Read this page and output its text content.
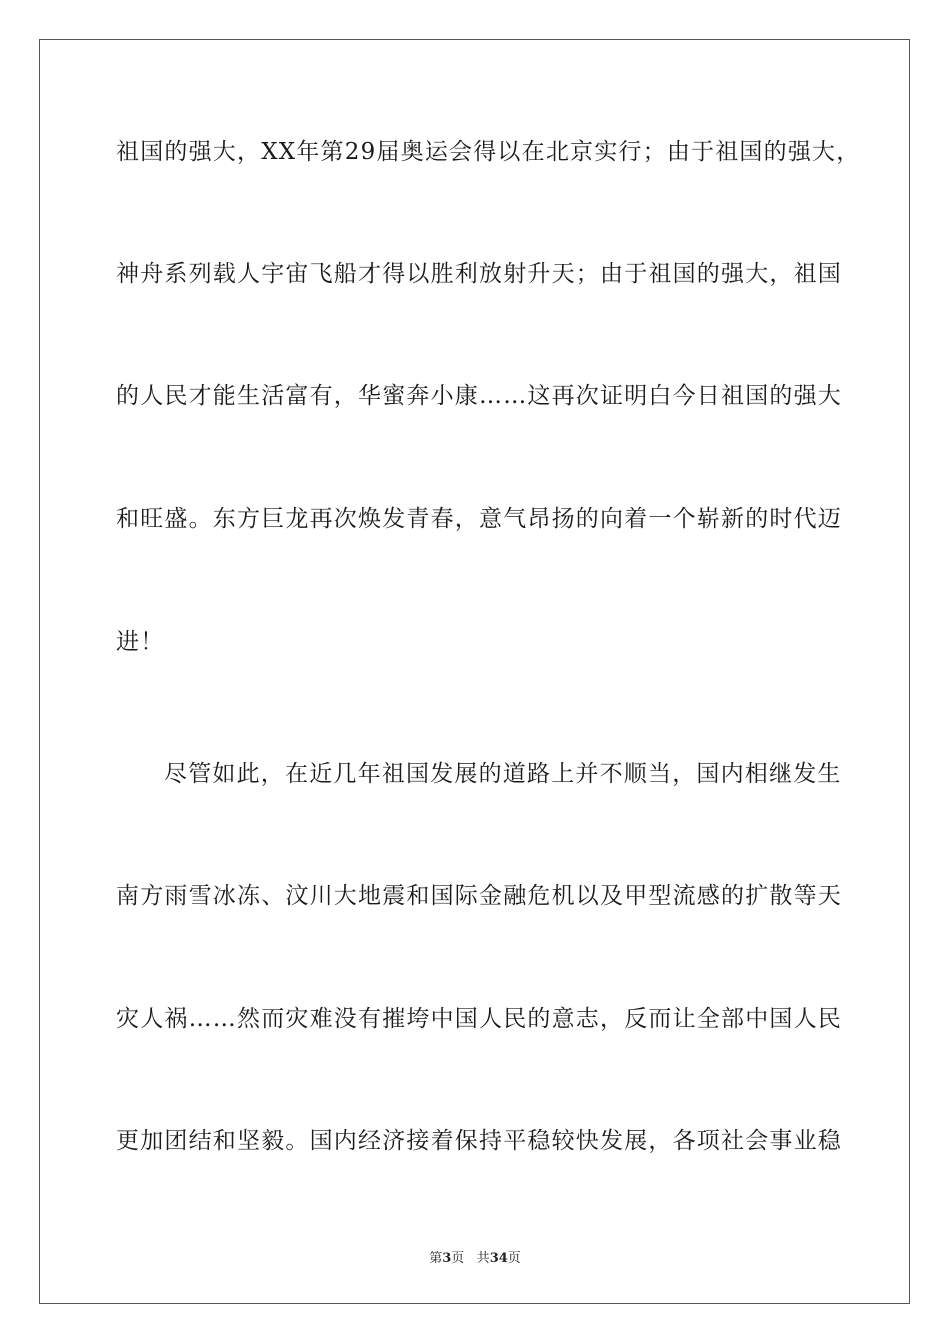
祖国的强大，XX年第29届奥运会得以在北京实行；由于祖国的强大，
神舟系列载人宇宙飞船才得以胜利放射升天；由于祖国的强大，祖国
的人民才能生活富有，华蜜奔小康……这再次证明白今日祖国的强大
和旺盛。东方巨龙再次焕发青春，意气昂扬的向着一个崭新的时代迈
进！
尽管如此，在近几年祖国发展的道路上并不顺当，国内相继发生
南方雨雪冰冻、汶川大地震和国际金融危机以及甲型流感的扩散等天
灾人祸……然而灾难没有摧垮中国人民的意志，反而让全部中国人民
更加团结和坚毅。国内经济接着保持平稳较快发展，各项社会事业稳
第3页 共34页
